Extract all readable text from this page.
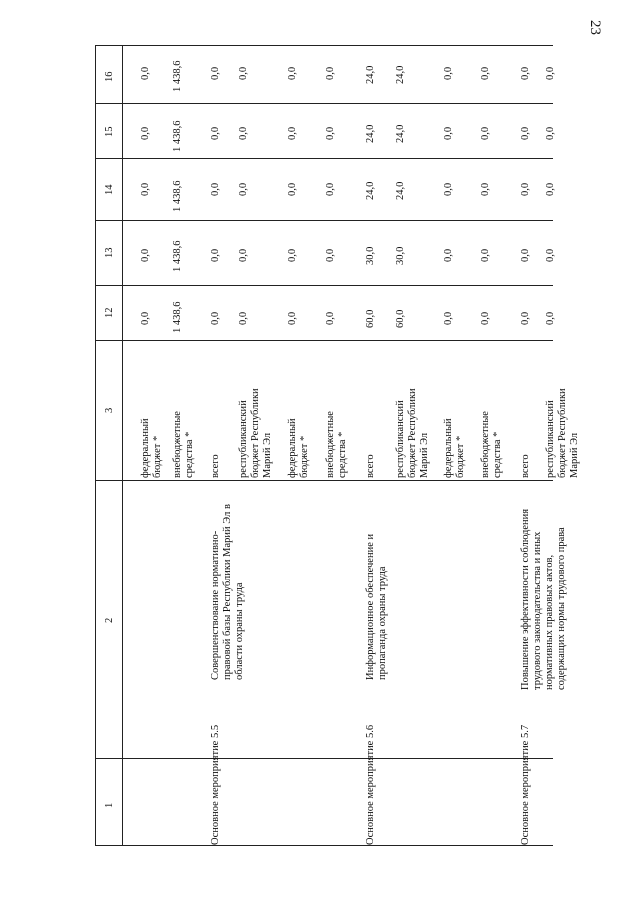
23
1
2
3
12
13
14
15
16
федеральный бюджет *
0,0
0,0
0,0
0,0
0,0
внебюджетные средства *
1 438,6
1 438,6
1 438,6
1 438,6
1 438,6
Основное мероприятие 5.5
Совершенствование нормативно-правовой базы Республики Марий Эл в области охраны труда
всего
0,0
0,0
0,0
0,0
0,0
республиканский бюджет Республики Марий Эл
0,0
0,0
0,0
0,0
0,0
федеральный бюджет *
0,0
0,0
0,0
0,0
0,0
внебюджетные средства *
0,0
0,0
0,0
0,0
0,0
Основное мероприятие 5.6
Информационное обеспечение и пропаганда охраны труда
всего
60,0
30,0
24,0
24,0
24,0
республиканский бюджет Республики Марий Эл
60,0
30,0
24,0
24,0
24,0
федеральный бюджет *
0,0
0,0
0,0
0,0
0,0
внебюджетные средства *
0,0
0,0
0,0
0,0
0,0
Основное мероприятие 5.7
Повышение эффективности соблюдения трудового законодательства и иных нормативных правовых актов, содержащих нормы трудового права
всего
0,0
0,0
0,0
0,0
0,0
республиканский бюджет Республики Марий Эл
0,0
0,0
0,0
0,0
0,0
